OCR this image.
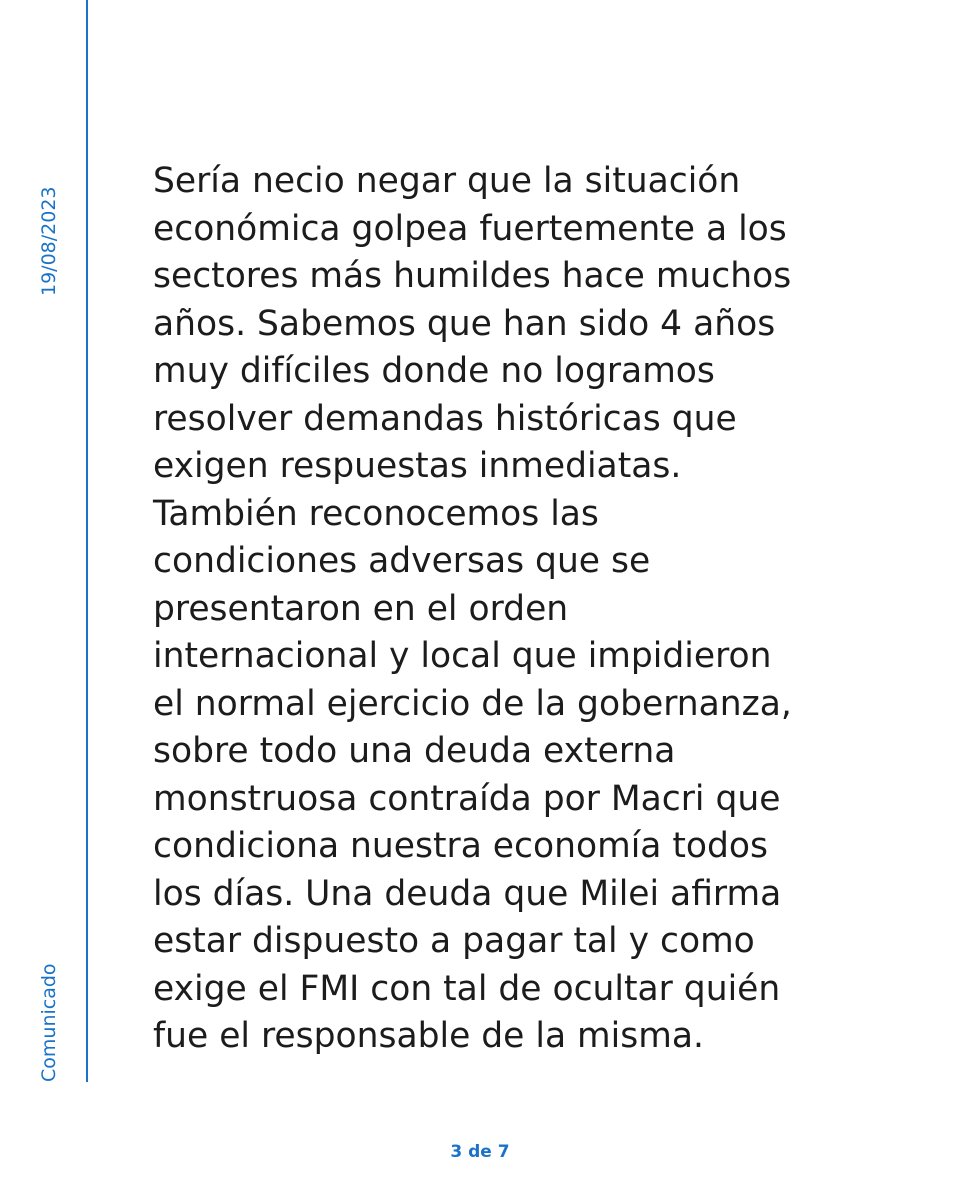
19/08/2023
Comunicado
Sería necio negar que la situación
económica golpea fuertemente a los
sectores más humildes hace muchos
años. Sabemos que han sido 4 años
muy difíciles donde no logramos
resolver demandas históricas que
exigen respuestas inmediatas.
También reconocemos las
condiciones adversas que se
presentaron en el orden
internacional y local que impidieron
el normal ejercicio de la gobernanza,
sobre todo una deuda externa
monstruosa contraída por Macri que
condiciona nuestra economía todos
los días. Una deuda que Milei afirma
estar dispuesto a pagar tal y como
exige el FMI con tal de ocultar quién
fue el responsable de la misma.
3 de 7
